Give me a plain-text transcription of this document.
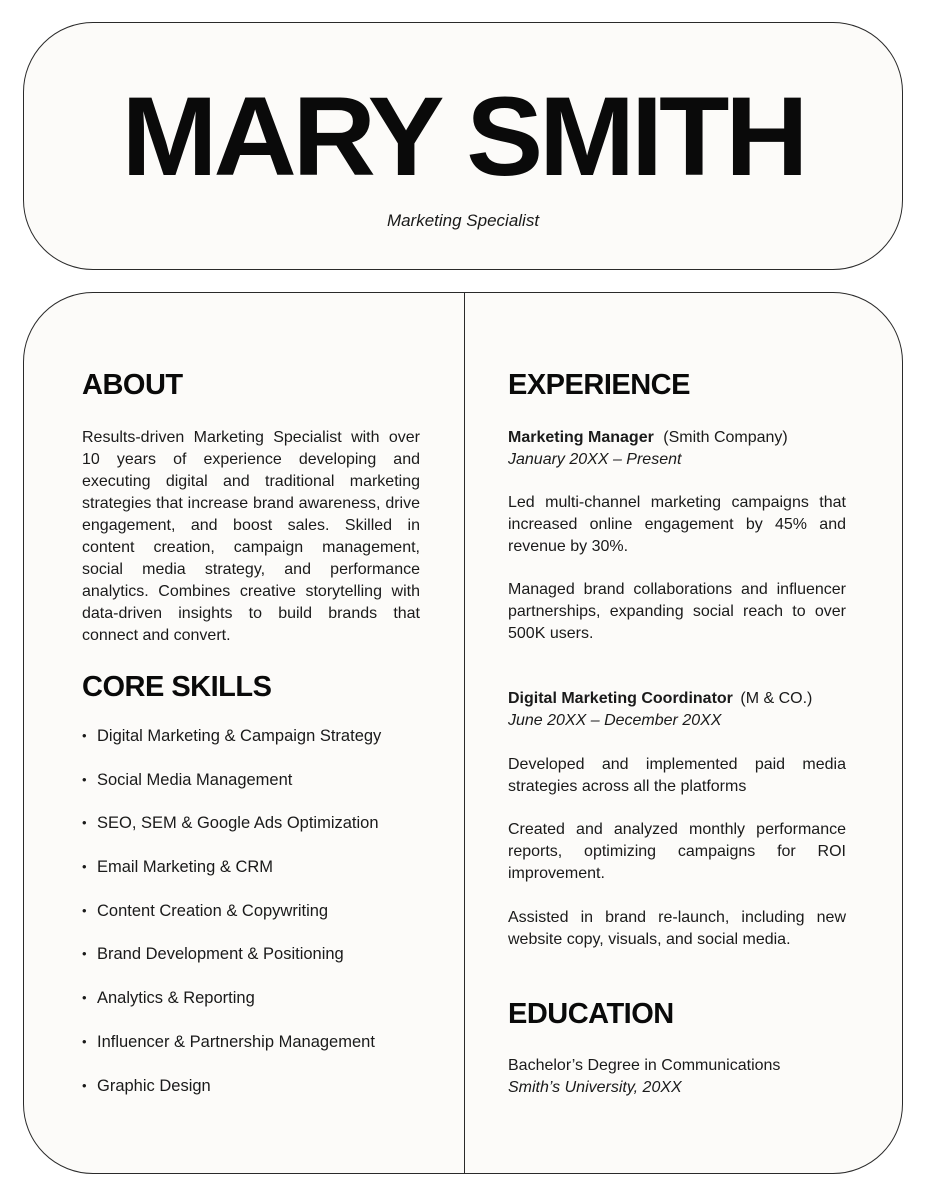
MARY SMITH
Marketing Specialist
ABOUT

Results-driven Marketing Specialist with over 10 years of experience developing and executing digital and traditional marketing strategies that increase brand awareness, drive engagement, and boost sales. Skilled in content creation, campaign management, social media strategy, and performance analytics. Combines creative storytelling with data-driven insights to build brands that connect and convert.

CORE SKILLS
• Digital Marketing & Campaign Strategy
• Social Media Management
• SEO, SEM & Google Ads Optimization
• Email Marketing & CRM
• Content Creation & Copywriting
• Brand Development & Positioning
• Analytics & Reporting
• Influencer & Partnership Management
• Graphic Design
EXPERIENCE
Marketing Manager (Smith Company)
January 20XX – Present

Led multi-channel marketing campaigns that increased online engagement by 45% and revenue by 30%.

Managed brand collaborations and influencer partnerships, expanding social reach to over 500K users.

Digital Marketing Coordinator (M & CO.)
June 20XX – December 20XX

Developed and implemented paid media strategies across all the platforms

Created and analyzed monthly performance reports, optimizing campaigns for ROI improvement.

Assisted in brand re-launch, including new website copy, visuals, and social media.

EDUCATION
Bachelor’s Degree in Communications
Smith’s University, 20XX
